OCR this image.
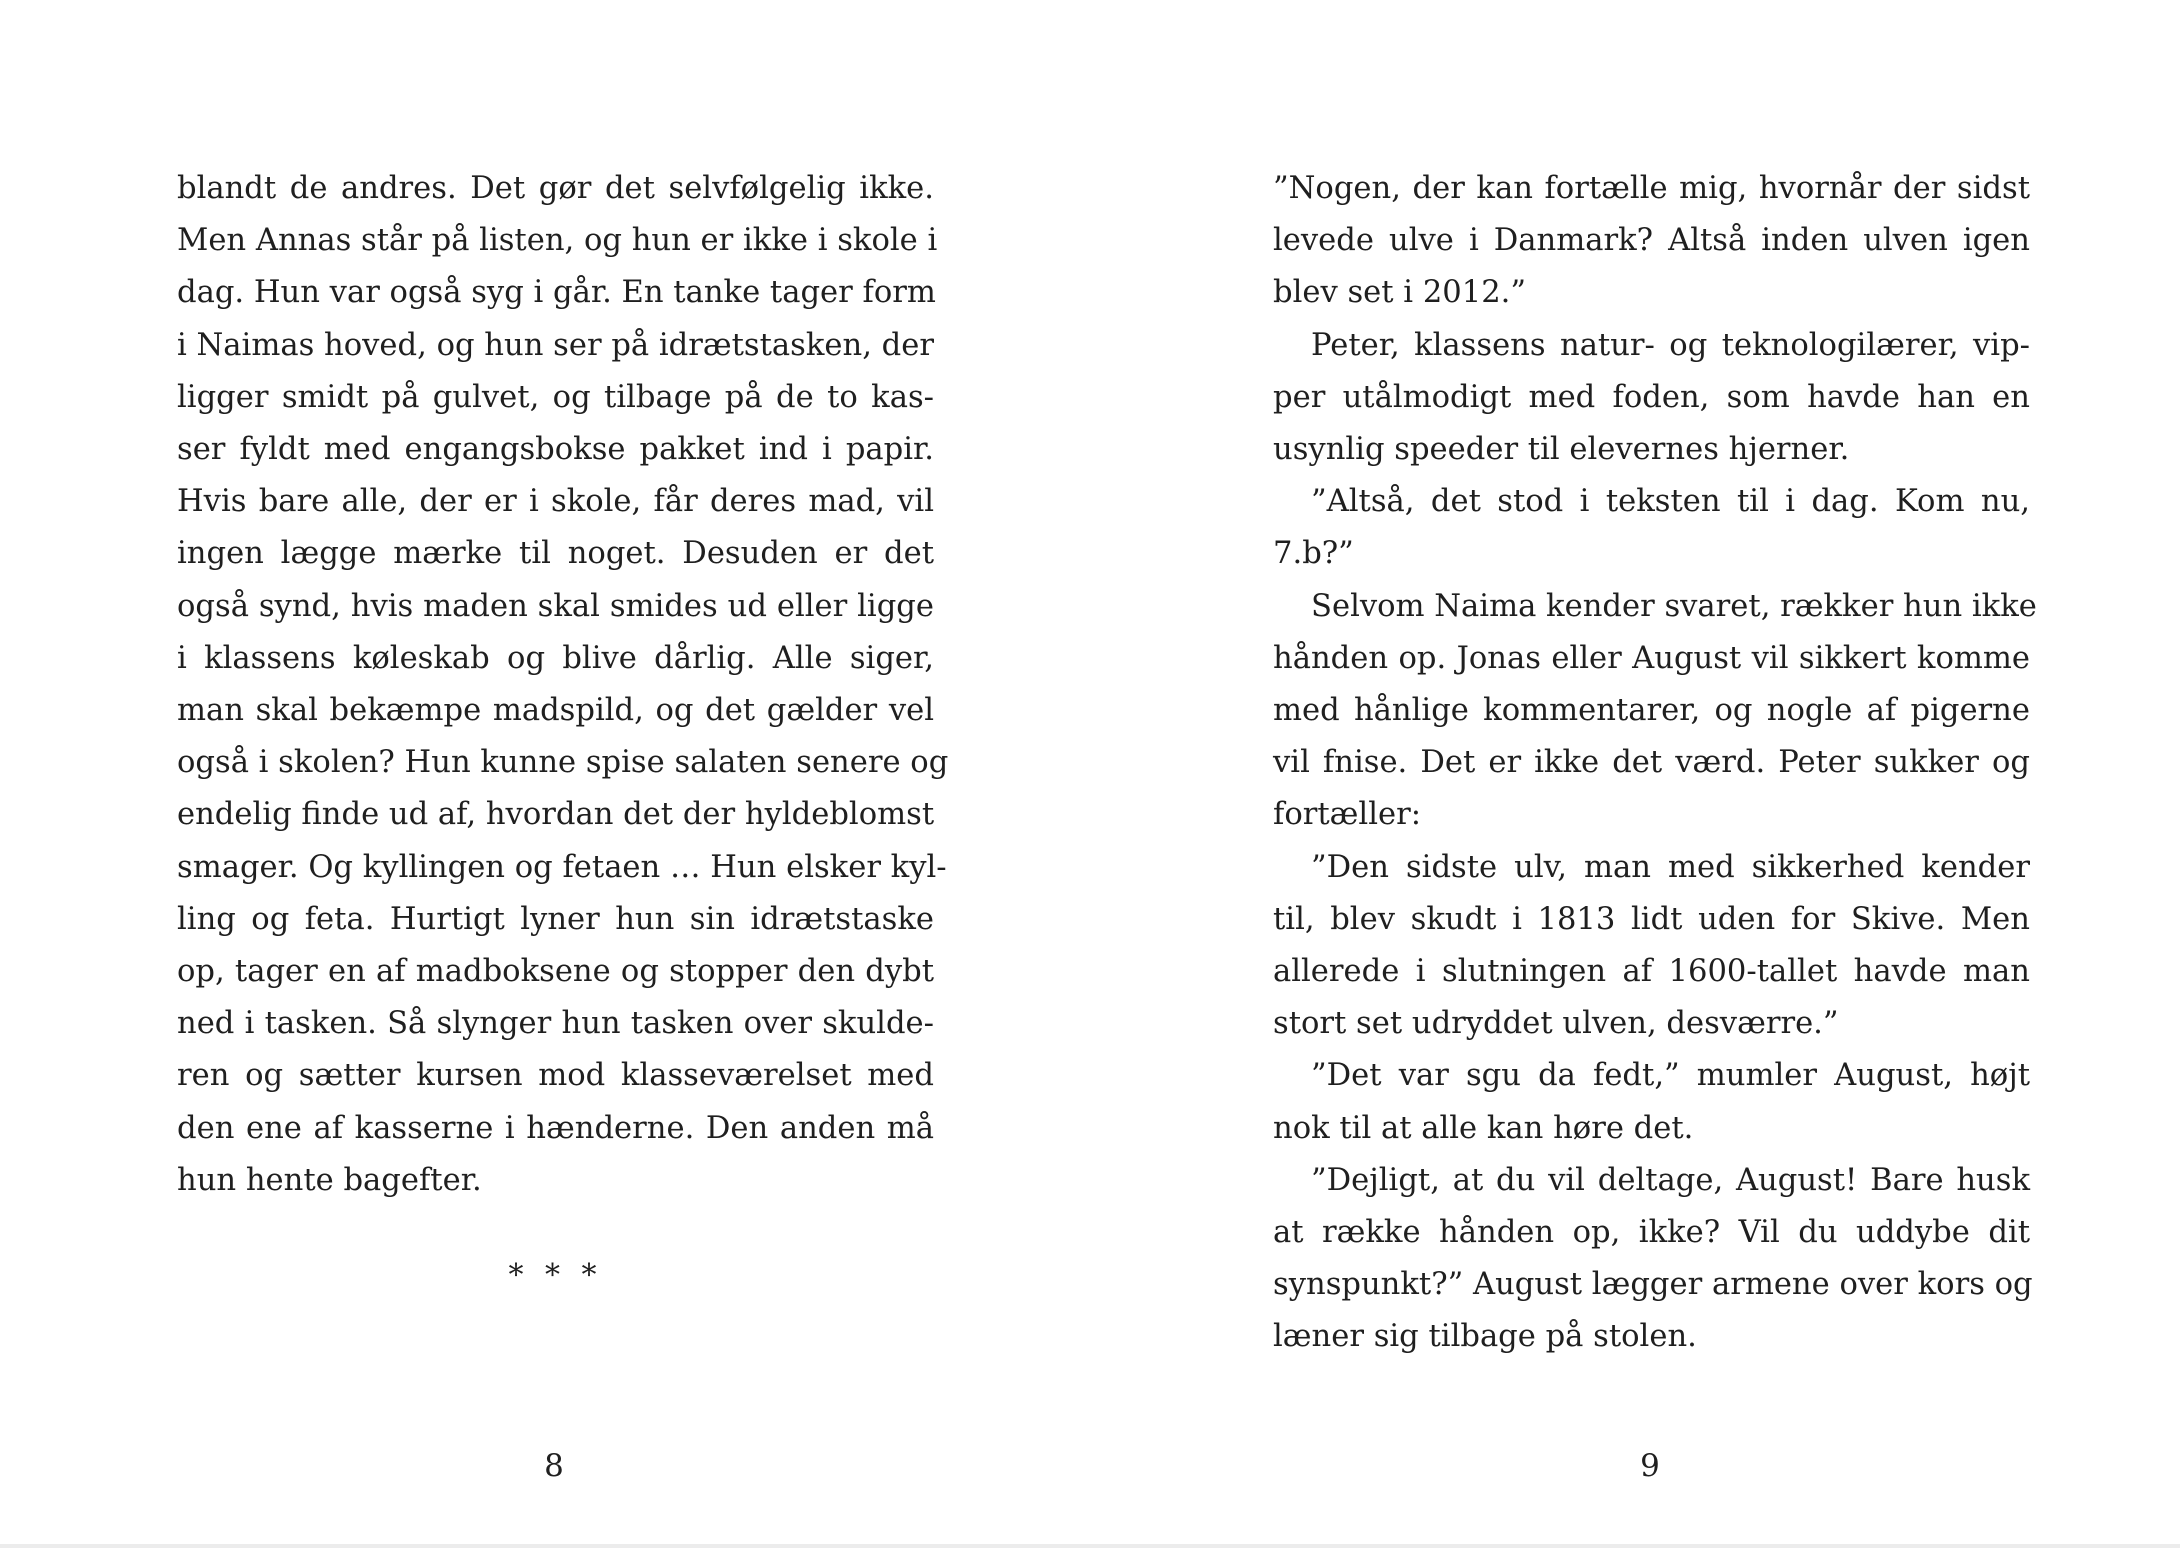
blandt de andres. Det gør det selvfølgelig ikke.
Men Annas står på listen, og hun er ikke i skole i
dag. Hun var også syg i går. En tanke tager form
i Naimas hoved, og hun ser på idrætstasken, der
ligger smidt på gulvet, og tilbage på de to kas-
ser fyldt med engangsbokse pakket ind i papir.
Hvis bare alle, der er i skole, får deres mad, vil
ingen lægge mærke til noget. Desuden er det
også synd, hvis maden skal smides ud eller ligge
i klassens køleskab og blive dårlig. Alle siger,
man skal bekæmpe madspild, og det gælder vel
også i skolen? Hun kunne spise salaten senere og
endelig finde ud af, hvordan det der hyldeblomst
smager. Og kyllingen og fetaen … Hun elsker kyl-
ling og feta. Hurtigt lyner hun sin idrætstaske
op, tager en af madboksene og stopper den dybt
ned i tasken. Så slynger hun tasken over skulde-
ren og sætter kursen mod klasseværelset med
den ene af kasserne i hænderne. Den anden må
hun hente bagefter.

* * *
8

”Nogen, der kan fortælle mig, hvornår der sidst
levede ulve i Danmark? Altså inden ulven igen
blev set i 2012.”

Peter, klassens natur- og teknologilærer, vip-
per utålmodigt med foden, som havde han en
usynlig speeder til elevernes hjerner.

”Altså, det stod i teksten til i dag. Kom nu,
7.b?”

Selvom Naima kender svaret, rækker hun ikke
hånden op. Jonas eller August vil sikkert komme
med hånlige kommentarer, og nogle af pigerne
vil fnise. Det er ikke det værd. Peter sukker og
fortæller:

”Den sidste ulv, man med sikkerhed kender
til, blev skudt i 1813 lidt uden for Skive. Men
allerede i slutningen af 1600-tallet havde man
stort set udryddet ulven, desværre.”

”Det var sgu da fedt,” mumler August, højt
nok til at alle kan høre det.

”Dejligt, at du vil deltage, August! Bare husk
at række hånden op, ikke? Vil du uddybe dit
synspunkt?” August lægger armene over kors og
læner sig tilbage på stolen.

9
